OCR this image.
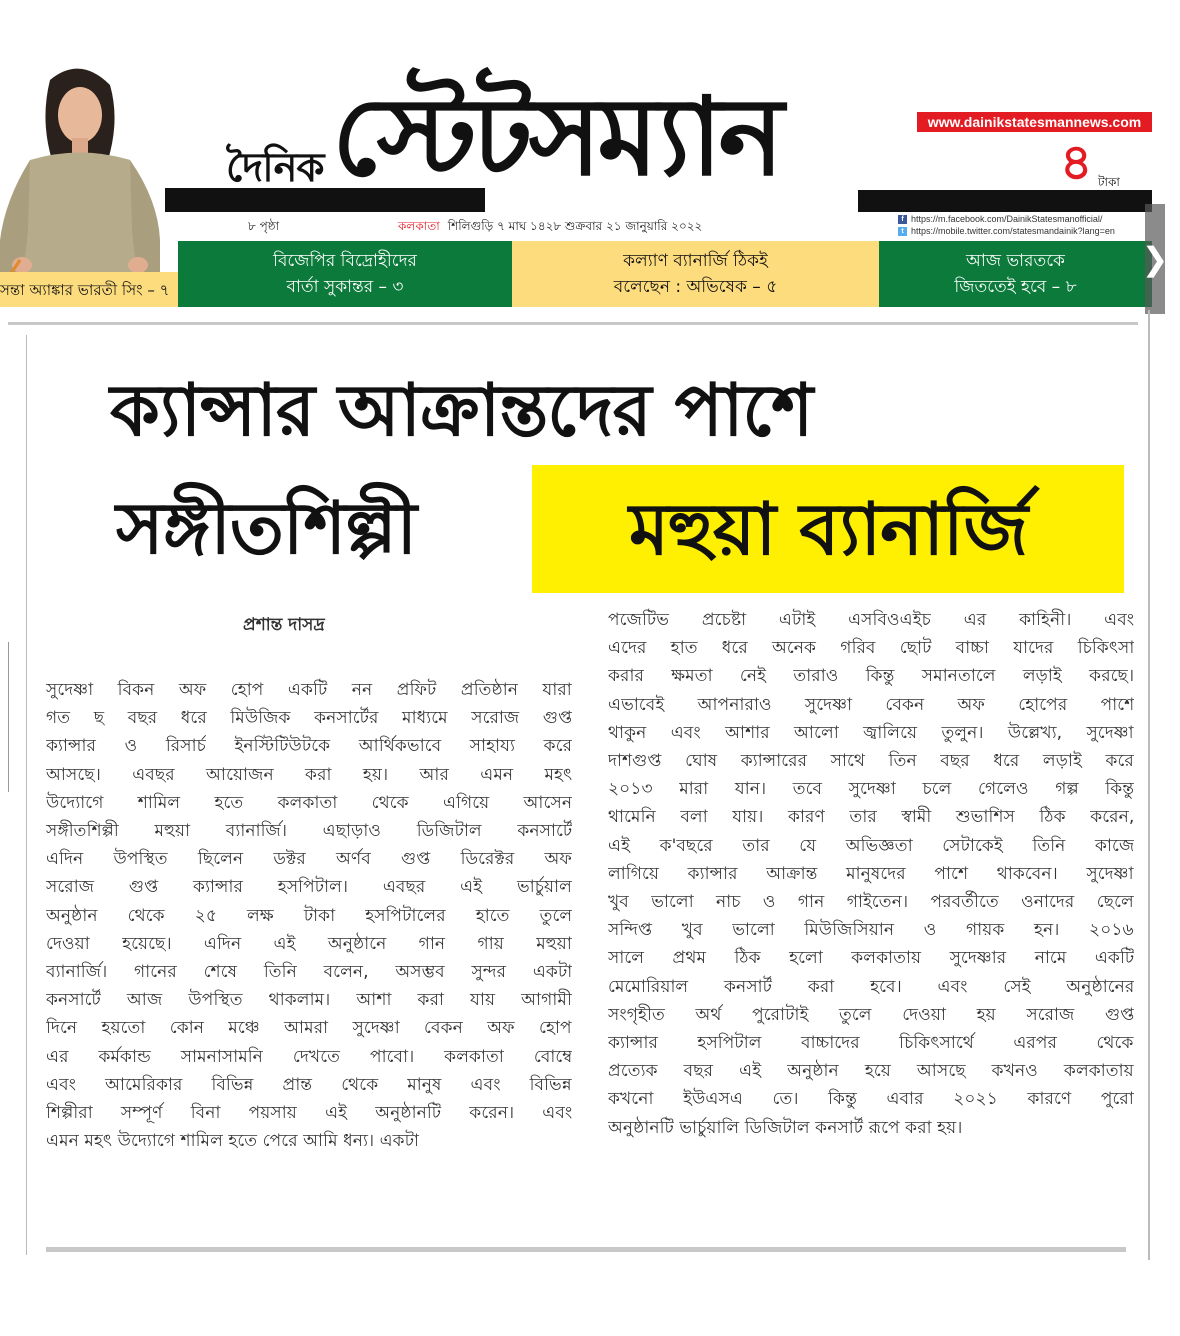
দৈনিক স্টেটসম্যান
৮ পৃষ্ঠা	কলকাতা শিলিগুড়ি ৭ মাঘ ১৪২৮ শুক্রবার ২১ জানুয়ারি ২০২২
www.dainikstatesmannews.com
৪ টাকা
f https://m.facebook.com/DainikStatesmanofficial/
t https://mobile.twitter.com/statesmandainik?lang=en
সন্তা অ্যাঙ্কার ভারতী সিং – ৭
বিজেপির বিদ্রোহীদের
বার্তা সুকান্তর – ৩
কল্যাণ ব্যানার্জি ঠিকই
বলেছেন : অভিষেক – ৫
আজ ভারতকে
জিততেই হবে – ৮
❯
ক্যান্সার আক্রান্তদের পাশে
সঙ্গীতশিল্পী	মহুয়া ব্যানার্জি
প্রশান্ত দাসদ্র
সুদেষ্ণা বিকন অফ হোপ একটি নন প্রফিট প্রতিষ্ঠান যারা
গত ছ বছর ধরে মিউজিক কনসার্টের মাধ্যমে সরোজ গুপ্ত
ক্যান্সার ও রিসার্চ ইনস্টিটিউটকে আর্থিকভাবে সাহায্য করে
আসছে। এবছর আয়োজন করা হয়। আর এমন মহৎ
উদ্যোগে শামিল হতে কলকাতা থেকে এগিয়ে আসেন
সঙ্গীতশিল্পী মহুয়া ব্যানার্জি। এছাড়াও ডিজিটাল কনসার্টে
এদিন উপস্থিত ছিলেন ডক্টর অর্ণব গুপ্ত ডিরেক্টর অফ
সরোজ গুপ্ত ক্যান্সার হসপিটাল। এবছর এই ভার্চুয়াল
অনুষ্ঠান থেকে ২৫ লক্ষ টাকা হসপিটালের হাতে তুলে
দেওয়া হয়েছে। এদিন এই অনুষ্ঠানে গান গায় মহুয়া
ব্যানার্জি। গানের শেষে তিনি বলেন, অসম্ভব সুন্দর একটা
কনসার্টে আজ উপস্থিত থাকলাম। আশা করা যায় আগামী
দিনে হয়তো কোন মঞ্চে আমরা সুদেষ্ণা বেকন অফ হোপ
এর কর্মকান্ড সামনাসামনি দেখতে পাবো। কলকাতা বোম্বে
এবং আমেরিকার বিভিন্ন প্রান্ত থেকে মানুষ এবং বিভিন্ন
শিল্পীরা সম্পূর্ণ বিনা পয়সায় এই অনুষ্ঠানটি করেন। এবং
এমন মহৎ উদ্যোগে শামিল হতে পেরে আমি ধন্য। একটা
পজেটিভ প্রচেষ্টা এটাই এসবিওএইচ এর কাহিনী। এবং
এদের হাত ধরে অনেক গরিব ছোট বাচ্চা যাদের চিকিৎসা
করার ক্ষমতা নেই তারাও কিন্তু সমানতালে লড়াই করছে।
এভাবেই আপনারাও সুদেষ্ণা বেকন অফ হোপের পাশে
থাকুন এবং আশার আলো জ্বালিয়ে তুলুন। উল্লেখ্য, সুদেষ্ণা
দাশগুপ্ত ঘোষ ক্যান্সারের সাথে তিন বছর ধরে লড়াই করে
২০১৩ মারা যান। তবে সুদেষ্ণা চলে গেলেও গল্প কিন্তু
থামেনি বলা যায়। কারণ তার স্বামী শুভাশিস ঠিক করেন,
এই ক'বছরে তার যে অভিজ্ঞতা সেটাকেই তিনি কাজে
লাগিয়ে ক্যান্সার আক্রান্ত মানুষদের পাশে থাকবেন। সুদেষ্ণা
খুব ভালো নাচ ও গান গাইতেন। পরবর্তীতে ওনাদের ছেলে
সন্দিপ্ত খুব ভালো মিউজিসিয়ান ও গায়ক হন। ২০১৬
সালে প্রথম ঠিক হলো কলকাতায় সুদেষ্ণার নামে একটি
মেমোরিয়াল কনসার্ট করা হবে। এবং সেই অনুষ্ঠানের
সংগৃহীত অর্থ পুরোটাই তুলে দেওয়া হয় সরোজ গুপ্ত
ক্যান্সার হসপিটাল বাচ্চাদের চিকিৎসার্থে এরপর থেকে
প্রত্যেক বছর এই অনুষ্ঠান হয়ে আসছে কখনও কলকাতায়
কখনো ইউএসএ তে। কিন্তু এবার ২০২১ কারণে পুরো
অনুষ্ঠানটি ভার্চুয়ালি ডিজিটাল কনসার্ট রূপে করা হয়।
